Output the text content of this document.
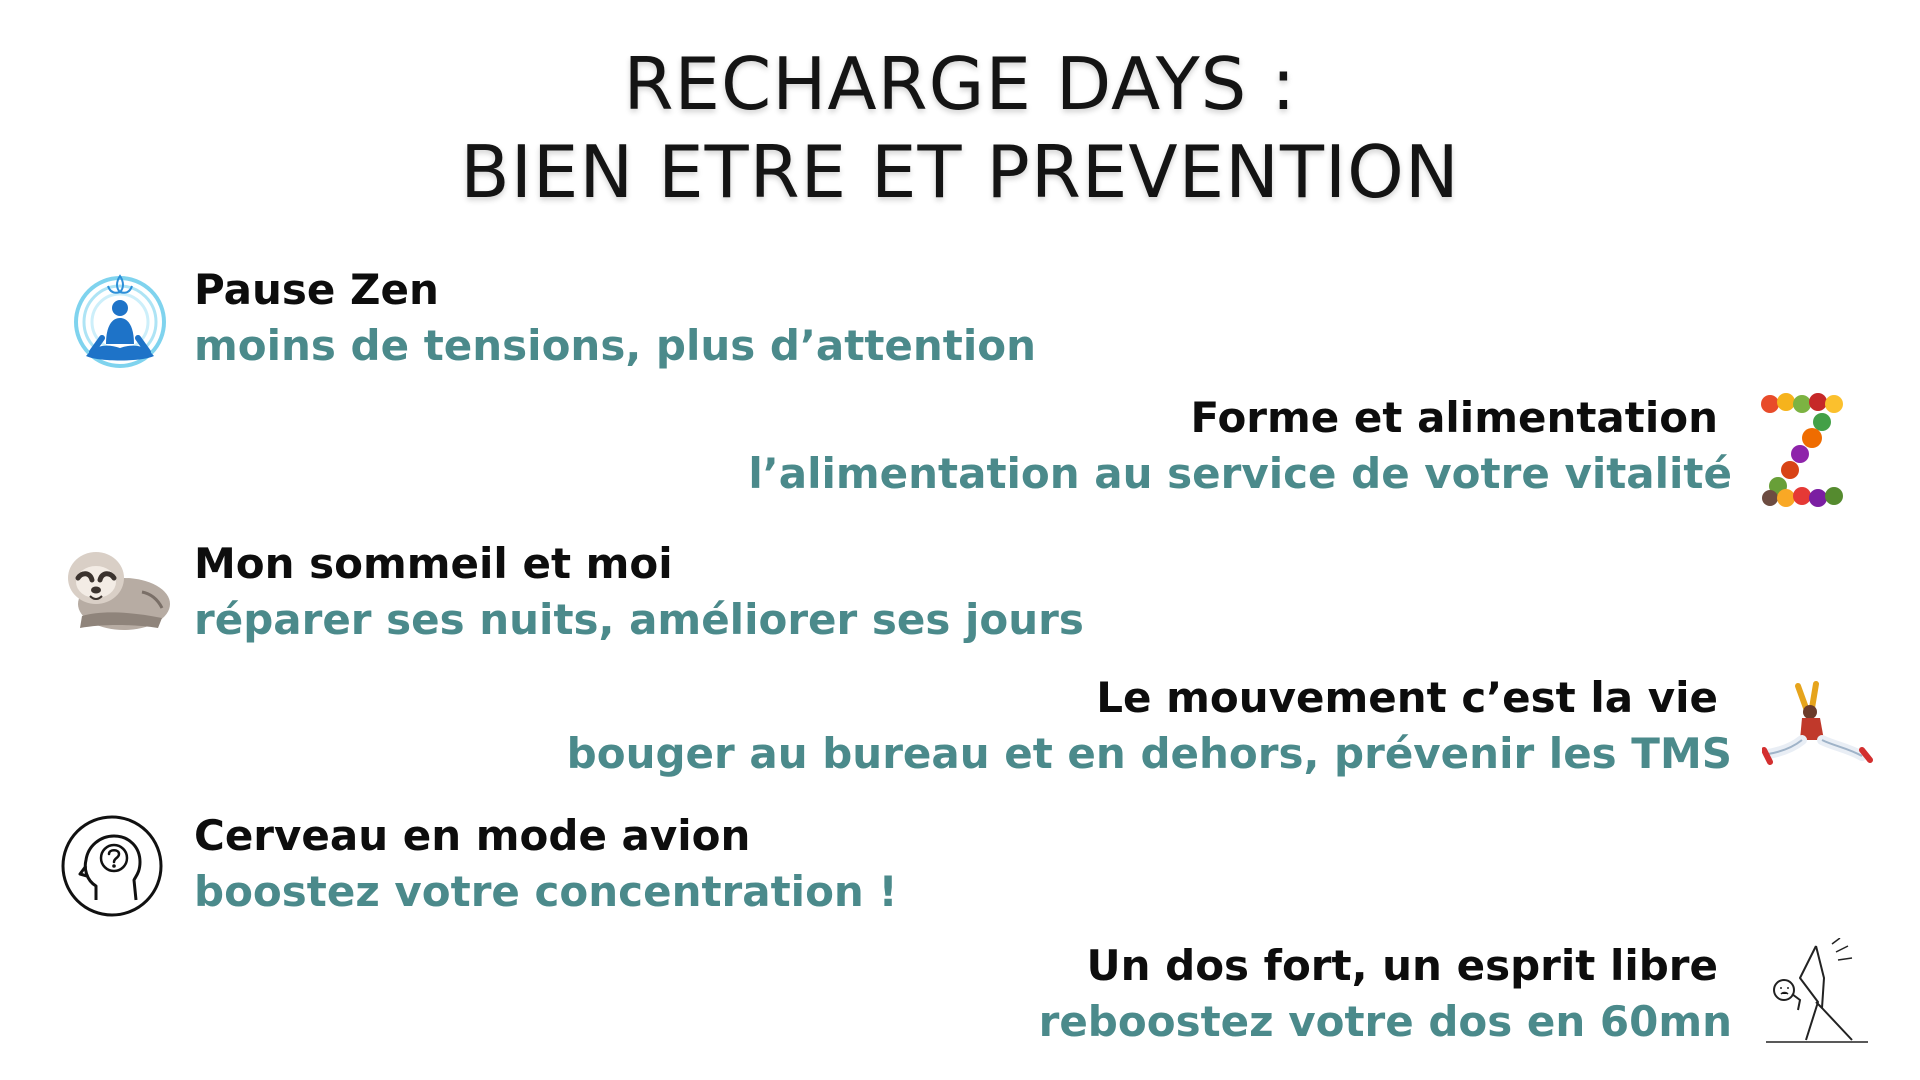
RECHARGE DAYS :
BIEN ETRE ET PREVENTION
Pause Zen
moins de tensions, plus d’attention
Forme et alimentation
l’alimentation au service de votre vitalité
Mon sommeil et moi
réparer ses nuits, améliorer ses jours
Le mouvement c’est la vie
bouger au bureau et en dehors, prévenir les TMS
Cerveau en mode avion
boostez votre concentration !
Un dos fort, un esprit libre
reboostez votre dos en 60mn
